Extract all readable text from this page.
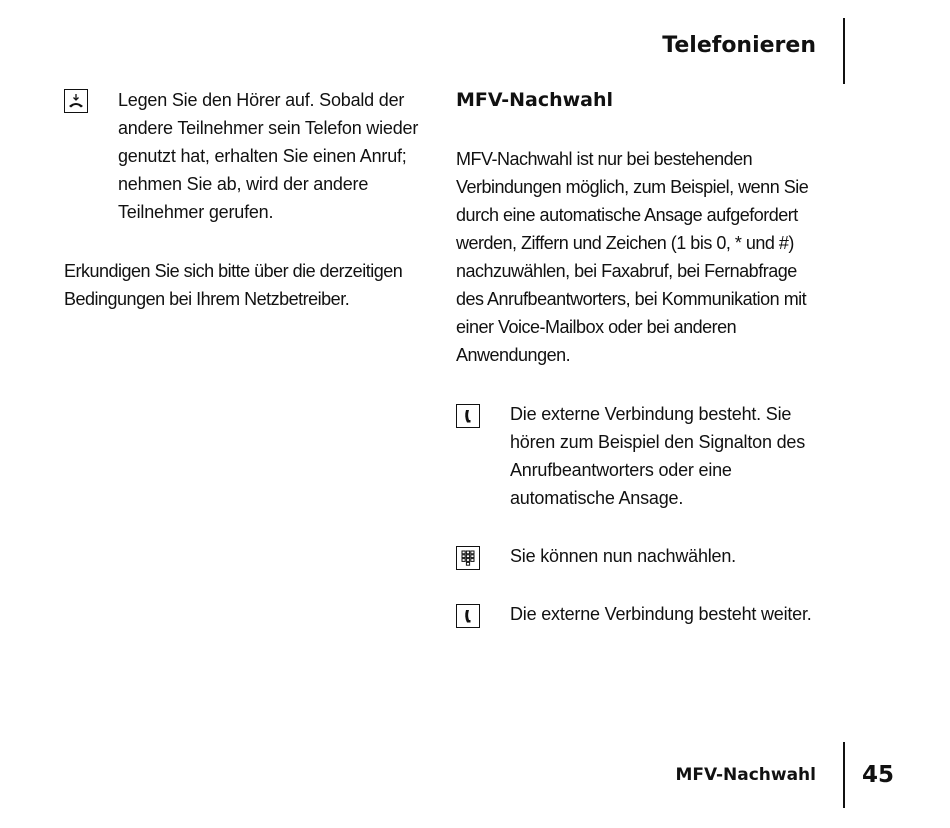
Telefonieren
Legen Sie den Hörer auf. Sobald der andere Teilnehmer sein Telefon wieder genutzt hat, erhalten Sie einen Anruf; nehmen Sie ab, wird der andere Teilnehmer gerufen.
Erkundigen Sie sich bitte über die derzeitigen Bedingungen bei Ihrem Netzbetreiber.
MFV-Nachwahl
MFV-Nachwahl ist nur bei bestehenden Verbindungen möglich, zum Beispiel, wenn Sie durch eine automatische Ansage aufgefordert werden, Ziffern und Zeichen (1 bis 0, * und #) nachzuwählen, bei Faxabruf, bei Fernabfrage des Anrufbeantworters, bei Kommunikation mit einer Voice-Mailbox oder bei anderen Anwendungen.
Die externe Verbindung besteht. Sie hören zum Beispiel den Signalton des Anrufbeantworters oder eine automatische Ansage.
Sie können nun nachwählen.
Die externe Verbindung besteht weiter.
MFV-Nachwahl 45
